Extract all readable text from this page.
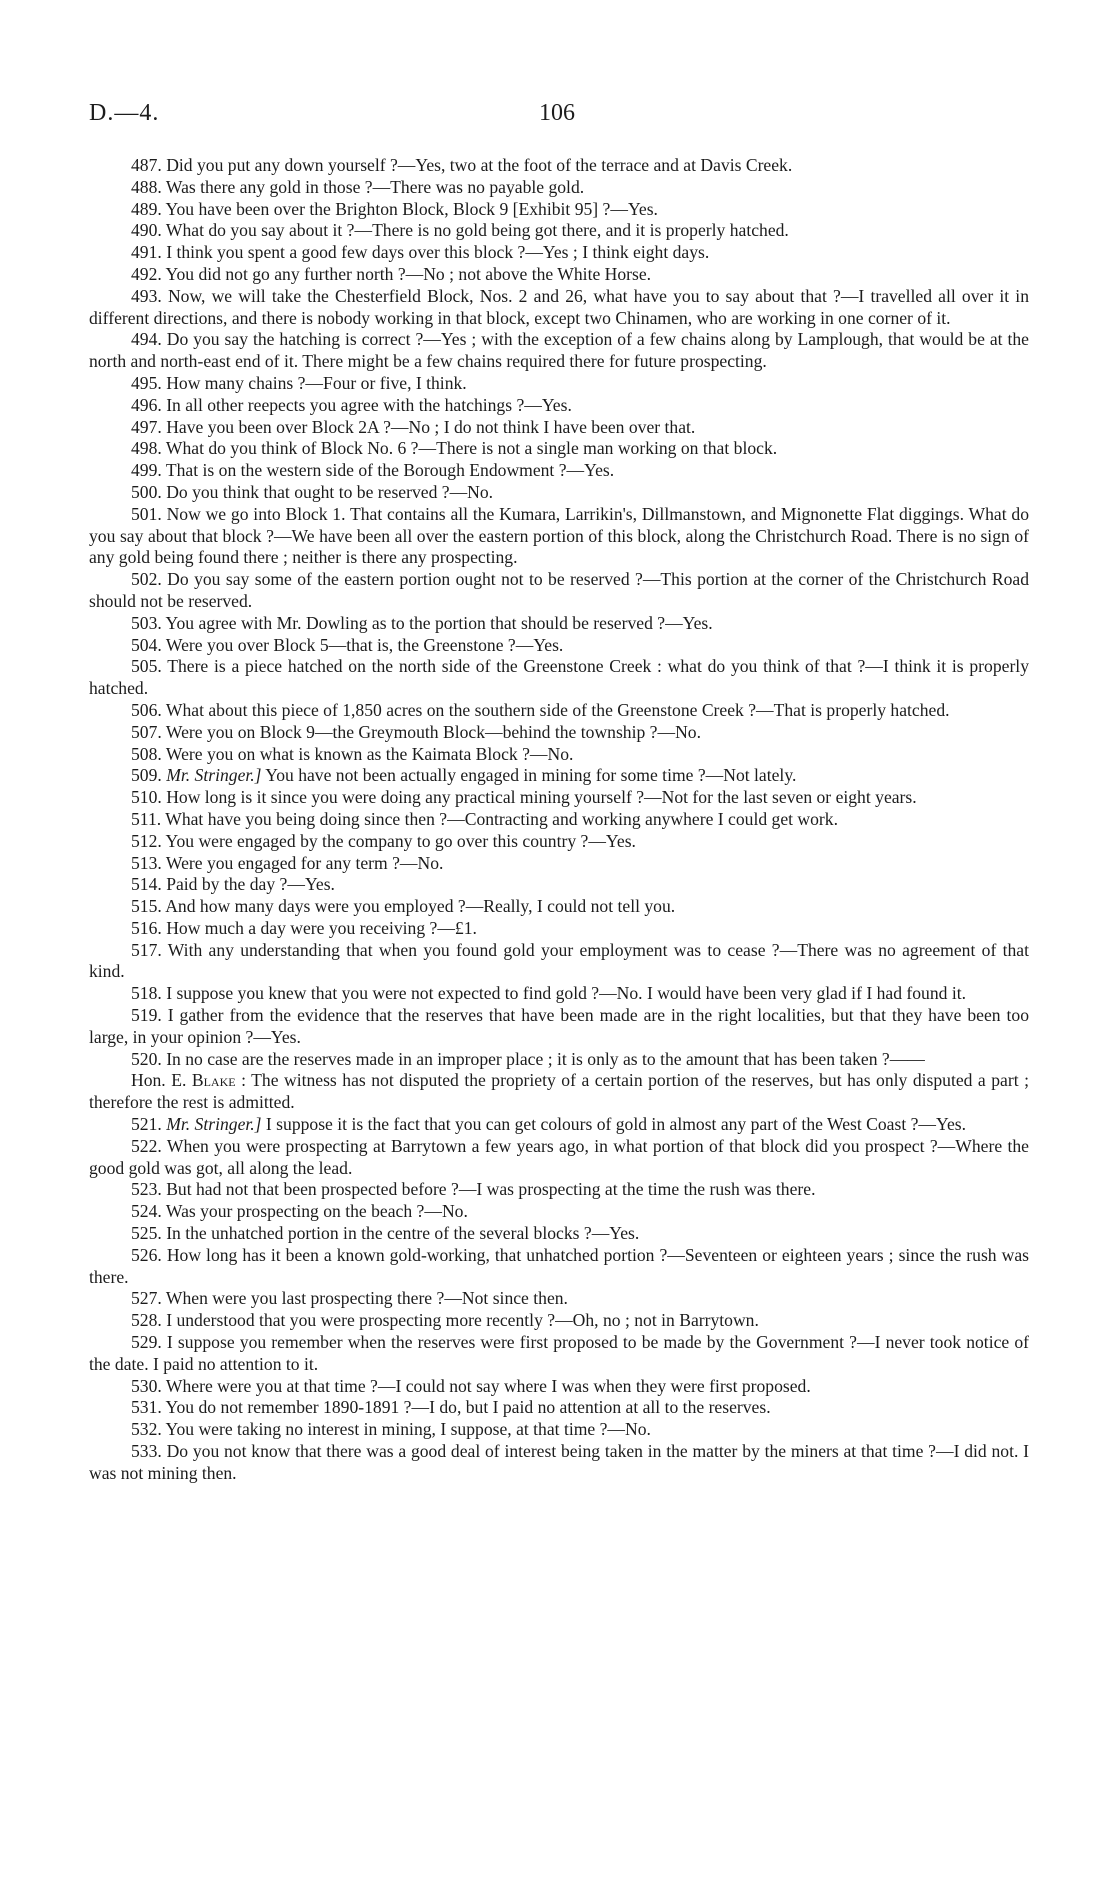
D.—4.	106

487. Did you put any down yourself ?—Yes, two at the foot of the terrace and at Davis Creek.

488. Was there any gold in those ?—There was no payable gold.

489. You have been over the Brighton Block, Block 9 [Exhibit 95] ?—Yes.

490. What do you say about it ?—There is no gold being got there, and it is properly hatched.

491. I think you spent a good few days over this block ?—Yes ; I think eight days.

492. You did not go any further north ?—No ; not above the White Horse.

493. Now, we will take the Chesterfield Block, Nos. 2 and 26, what have you to say about that ?—I travelled all over it in different directions, and there is nobody working in that block, except two Chinamen, who are working in one corner of it.

494. Do you say the hatching is correct ?—Yes ; with the exception of a few chains along by Lamplough, that would be at the north and north-east end of it. There might be a few chains required there for future prospecting.

495. How many chains ?—Four or five, I think.

496. In all other reepects you agree with the hatchings ?—Yes.

497. Have you been over Block 2A ?—No ; I do not think I have been over that.

498. What do you think of Block No. 6 ?—There is not a single man working on that block.

499. That is on the western side of the Borough Endowment ?—Yes.

500. Do you think that ought to be reserved ?—No.

501. Now we go into Block 1. That contains all the Kumara, Larrikin's, Dillmanstown, and Mignonette Flat diggings. What do you say about that block ?—We have been all over the eastern portion of this block, along the Christchurch Road. There is no sign of any gold being found there ; neither is there any prospecting.

502. Do you say some of the eastern portion ought not to be reserved ?—This portion at the corner of the Christchurch Road should not be reserved.

503. You agree with Mr. Dowling as to the portion that should be reserved ?—Yes.

504. Were you over Block 5—that is, the Greenstone ?—Yes.

505. There is a piece hatched on the north side of the Greenstone Creek : what do you think of that ?—I think it is properly hatched.

506. What about this piece of 1,850 acres on the southern side of the Greenstone Creek ?—That is properly hatched.

507. Were you on Block 9—the Greymouth Block—behind the township ?—No.

508. Were you on what is known as the Kaimata Block ?—No.

509. Mr. Stringer.] You have not been actually engaged in mining for some time ?—Not lately.

510. How long is it since you were doing any practical mining yourself ?—Not for the last seven or eight years.

511. What have you being doing since then ?—Contracting and working anywhere I could get work.

512. You were engaged by the company to go over this country ?—Yes.

513. Were you engaged for any term ?—No.

514. Paid by the day ?—Yes.

515. And how many days were you employed ?—Really, I could not tell you.

516. How much a day were you receiving ?—£1.

517. With any understanding that when you found gold your employment was to cease ?—There was no agreement of that kind.

518. I suppose you knew that you were not expected to find gold ?—No. I would have been very glad if I had found it.

519. I gather from the evidence that the reserves that have been made are in the right localities, but that they have been too large, in your opinion ?—Yes.

520. In no case are the reserves made in an improper place ; it is only as to the amount that has been taken ?——

Hon. E. Blake : The witness has not disputed the propriety of a certain portion of the reserves, but has only disputed a part ; therefore the rest is admitted.

521. Mr. Stringer.] I suppose it is the fact that you can get colours of gold in almost any part of the West Coast ?—Yes.

522. When you were prospecting at Barrytown a few years ago, in what portion of that block did you prospect ?—Where the good gold was got, all along the lead.

523. But had not that been prospected before ?—I was prospecting at the time the rush was there.

524. Was your prospecting on the beach ?—No.

525. In the unhatched portion in the centre of the several blocks ?—Yes.

526. How long has it been a known gold-working, that unhatched portion ?—Seventeen or eighteen years ; since the rush was there.

527. When were you last prospecting there ?—Not since then.

528. I understood that you were prospecting more recently ?—Oh, no ; not in Barrytown.

529. I suppose you remember when the reserves were first proposed to be made by the Government ?—I never took notice of the date. I paid no attention to it.

530. Where were you at that time ?—I could not say where I was when they were first proposed.

531. You do not remember 1890-1891 ?—I do, but I paid no attention at all to the reserves.

532. You were taking no interest in mining, I suppose, at that time ?—No.

533. Do you not know that there was a good deal of interest being taken in the matter by the miners at that time ?—I did not. I was not mining then.
